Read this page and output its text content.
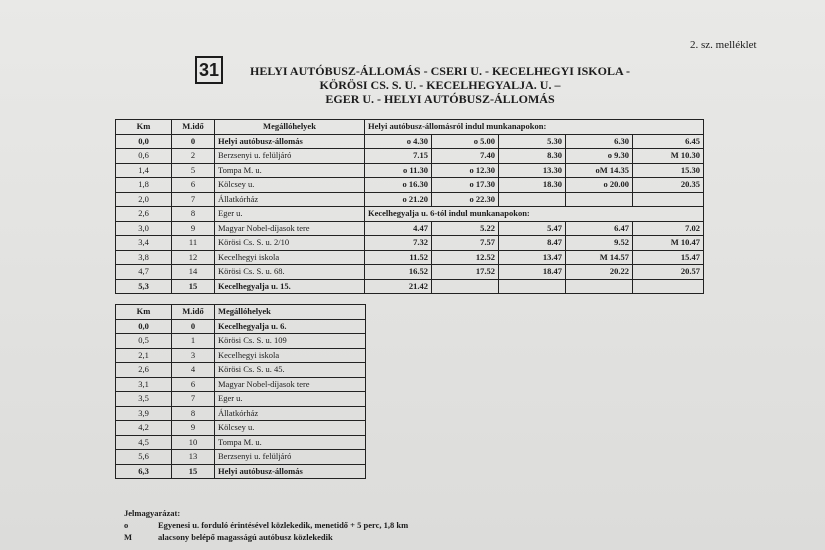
2. sz. melléklet
31	HELYI AUTÓBUSZ-ÁLLOMÁS - CSERI U. - KECELHEGYI ISKOLA -
KÖRÖSI CS. S. U. - KECELHEGYALJA. U. –
EGER U. - HELYI AUTÓBUSZ-ÁLLOMÁS
Km	M.idő	Megállóhelyek	Helyi autóbusz-állomásról indul munkanapokon:				
0,0	0	Helyi autóbusz-állomás	o 4.30	o 5.00	5.30	6.30	6.45
0,6	2	Berzsenyi u. felüljáró	7.15	7.40	8.30	o 9.30	M 10.30
1,4	5	Tompa M. u.	o 11.30	o 12.30	13.30	oM 14.35	15.30
1,8	6	Kölcsey u.	o 16.30	o 17.30	18.30	o 20.00	20.35
2,0	7	Állatkórház	o 21.20	o 22.30			
2,6	8	Eger u.	Kecelhegyalja u. 6-tól indul munkanapokon:				
3,0	9	Magyar Nobel-díjasok tere	4.47	5.22	5.47	6.47	7.02
3,4	11	Körösi Cs. S. u. 2/10	7.32	7.57	8.47	9.52	M 10.47
3,8	12	Kecelhegyi iskola	11.52	12.52	13.47	M 14.57	15.47
4,7	14	Körösi Cs. S. u. 68.	16.52	17.52	18.47	20.22	20.57
5,3	15	Kecelhegyalja u. 15.	21.42				
Km	M.idő	Megállóhelyek
0,0	0	Kecelhegyalja u. 6.
0,5	1	Körösi Cs. S. u. 109
2,1	3	Kecelhegyi iskola
2,6	4	Körösi Cs. S. u. 45.
3,1	6	Magyar Nobel-díjasok tere
3,5	7	Eger u.
3,9	8	Állatkórház
4,2	9	Kölcsey u.
4,5	10	Tompa M. u.
5,6	13	Berzsenyi u. felüljáró
6,3	15	Helyi autóbusz-állomás
Jelmagyarázat:
o	Egyenesi u. forduló érintésével közlekedik, menetidő + 5 perc, 1,8 km
M	alacsony belépő magasságú autóbusz közlekedik
